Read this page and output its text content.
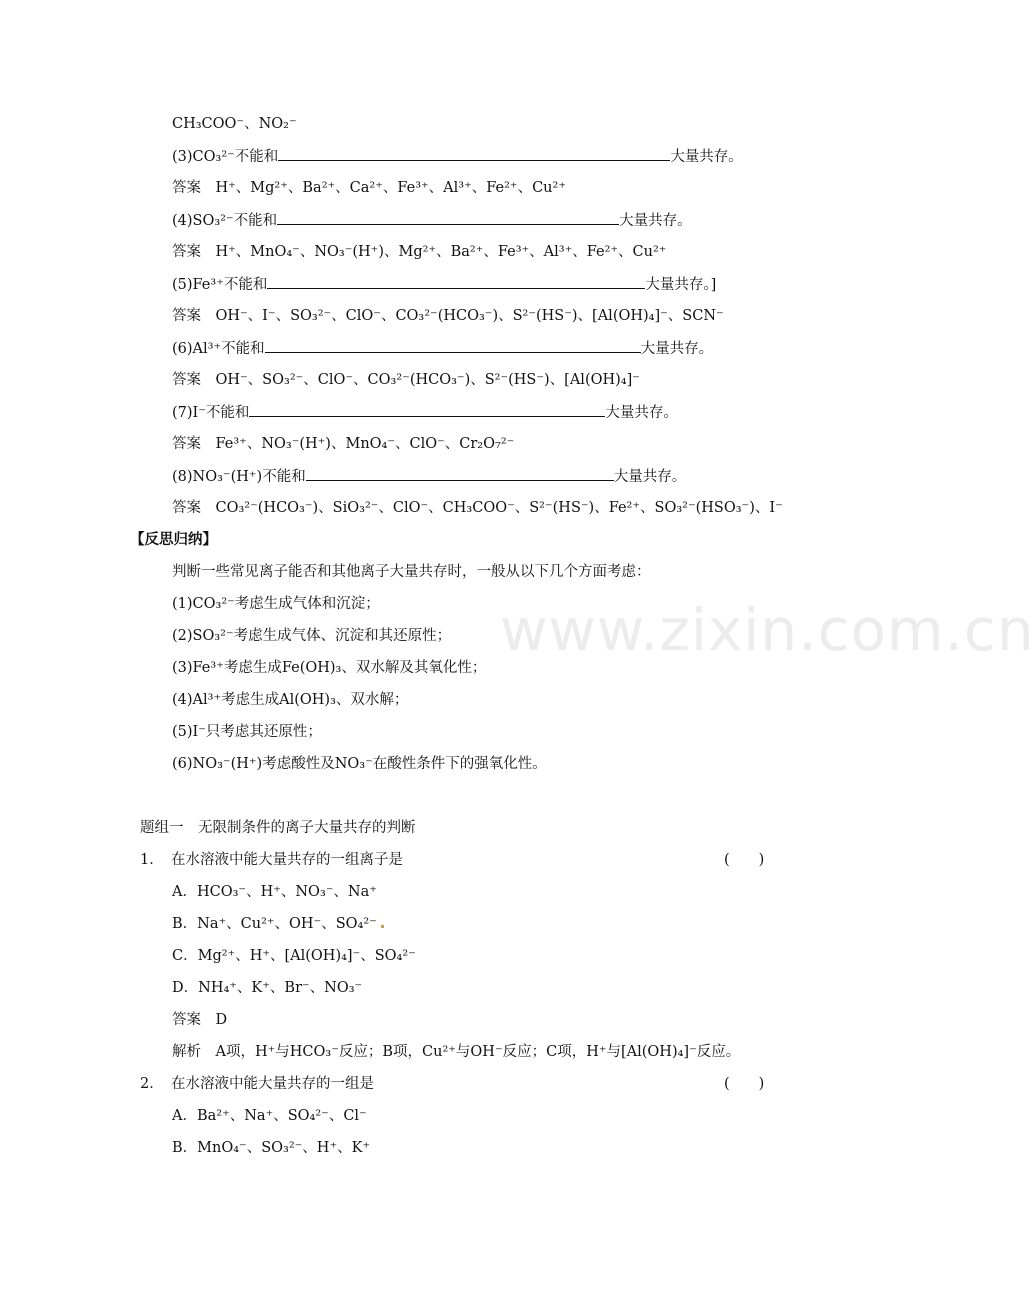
www.zixin.com.cn
CH₃COO⁻、NO₂⁻
(3)CO₃²⁻不能和	大量共存。
答案　H⁺、Mg²⁺、Ba²⁺、Ca²⁺、Fe³⁺、Al³⁺、Fe²⁺、Cu²⁺
(4)SO₃²⁻不能和	大量共存。
答案　H⁺、MnO₄⁻、NO₃⁻(H⁺)、Mg²⁺、Ba²⁺、Fe³⁺、Al³⁺、Fe²⁺、Cu²⁺
(5)Fe³⁺不能和	大量共存。]
答案　OH⁻、I⁻、SO₃²⁻、ClO⁻、CO₃²⁻(HCO₃⁻)、S²⁻(HS⁻)、[Al(OH)₄]⁻、SCN⁻
(6)Al³⁺不能和	大量共存。
答案　OH⁻、SO₃²⁻、ClO⁻、CO₃²⁻(HCO₃⁻)、S²⁻(HS⁻)、[Al(OH)₄]⁻
(7)I⁻不能和	大量共存。
答案　Fe³⁺、NO₃⁻(H⁺)、MnO₄⁻、ClO⁻、Cr₂O₇²⁻
(8)NO₃⁻(H⁺)不能和	大量共存。
答案　CO₃²⁻(HCO₃⁻)、SiO₃²⁻、ClO⁻、CH₃COO⁻、S²⁻(HS⁻)、Fe²⁺、SO₃²⁻(HSO₃⁻)、I⁻
【反思归纳】
判断一些常见离子能否和其他离子大量共存时，一般从以下几个方面考虑：
(1)CO₃²⁻考虑生成气体和沉淀；
(2)SO₃²⁻考虑生成气体、沉淀和其还原性；
(3)Fe³⁺考虑生成Fe(OH)₃、双水解及其氧化性；
(4)Al³⁺考虑生成Al(OH)₃、双水解；
(5)I⁻只考虑其还原性；
(6)NO₃⁻(H⁺)考虑酸性及NO₃⁻在酸性条件下的强氧化性。
题组一　无限制条件的离子大量共存的判断
1．　在水溶液中能大量共存的一组离子是	(　　)
A．HCO₃⁻、H⁺、NO₃⁻、Na⁺
B．Na⁺、Cu²⁺、OH⁻、SO₄²⁻
C．Mg²⁺、H⁺、[Al(OH)₄]⁻、SO₄²⁻
D．NH₄⁺、K⁺、Br⁻、NO₃⁻
答案　D
解析　A项，H⁺与HCO₃⁻反应；B项，Cu²⁺与OH⁻反应；C项，H⁺与[Al(OH)₄]⁻反应。
2．　在水溶液中能大量共存的一组是	(　　)
A．Ba²⁺、Na⁺、SO₄²⁻、Cl⁻
B．MnO₄⁻、SO₃²⁻、H⁺、K⁺
